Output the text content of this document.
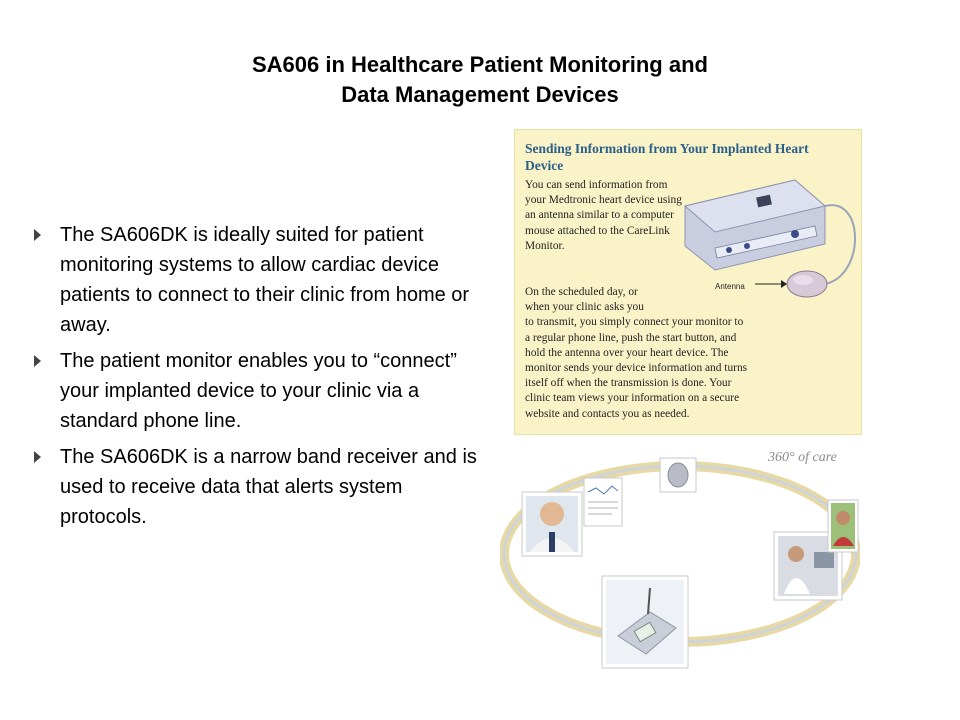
SA606 in Healthcare Patient Monitoring and
Data Management Devices
The SA606DK is ideally suited for patient monitoring systems to allow cardiac device patients to connect to their clinic from home or away.
The patient monitor enables you to “connect” your implanted device to your clinic via a standard phone line.
The SA606DK is a narrow band receiver and is used to receive data that alerts system protocols.
Sending Information from Your Implanted Heart Device
You can send information from your Medtronic heart device using an antenna similar to a computer mouse attached to the CareLink Monitor.
Antenna
On the scheduled day, or
when your clinic asks you
to transmit, you simply connect your monitor to
a regular phone line, push the start button, and
hold the antenna over your heart device. The
monitor sends your device information and turns
itself off when the transmission is done. Your
clinic team views your information on a secure
website and contacts you as needed.
360° of care
